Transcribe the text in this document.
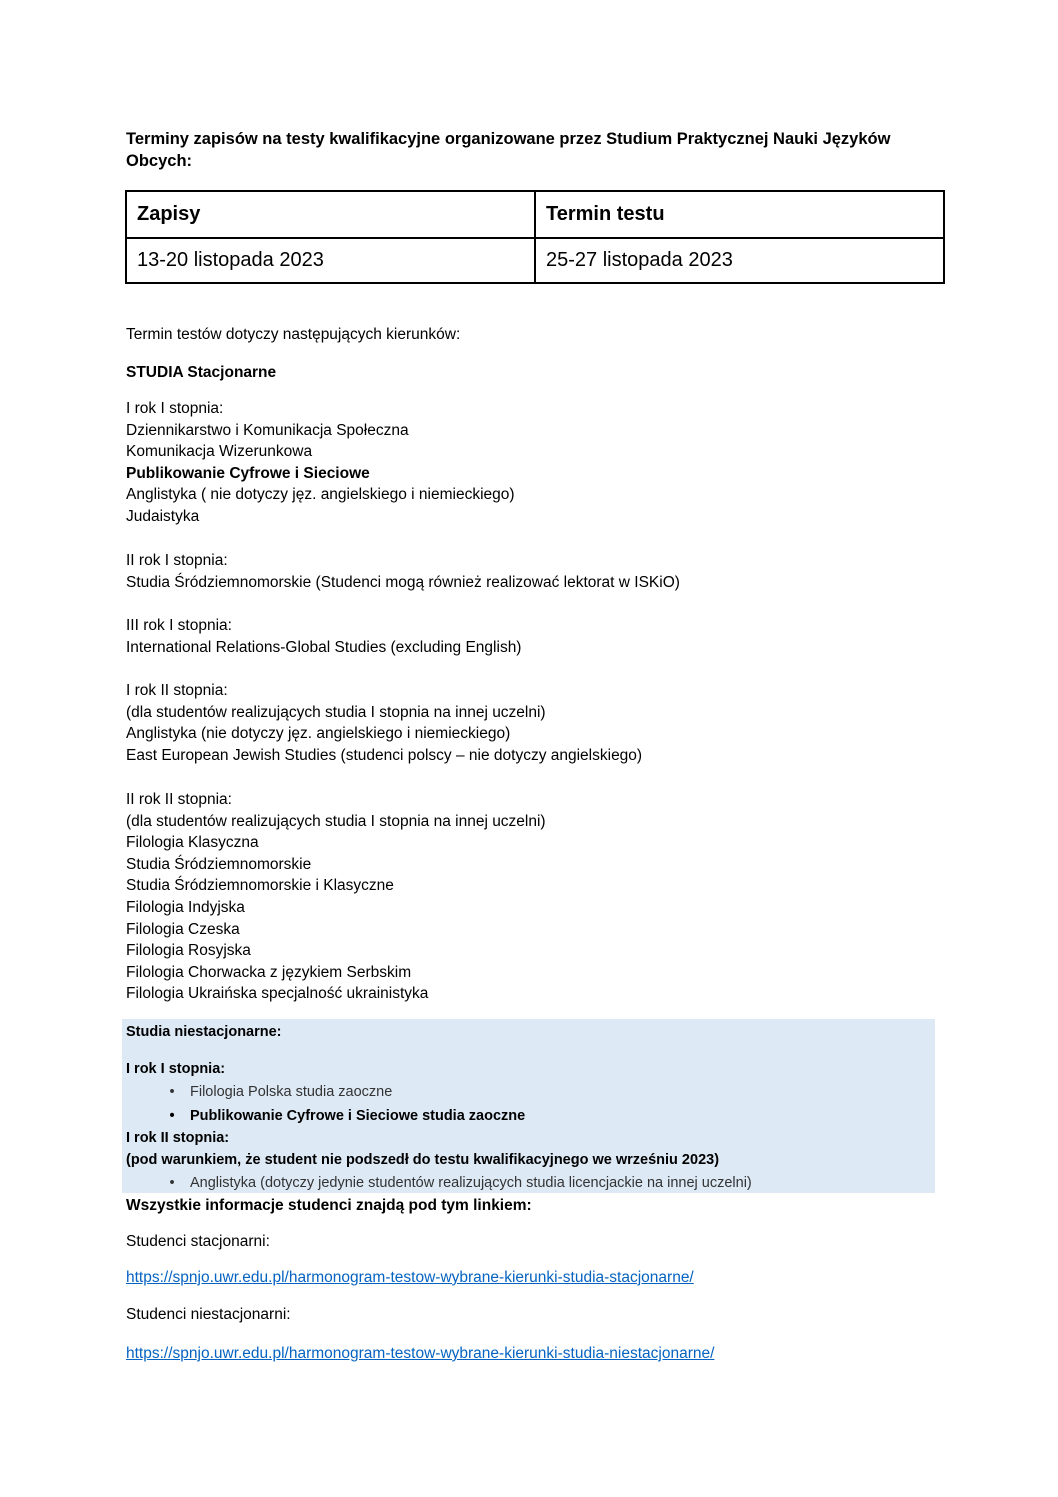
Terminy zapisów na testy kwalifikacyjne organizowane przez Studium Praktycznej Nauki Języków Obcych:
Zapisy	Termin testu
13-20 listopada 2023	25-27 listopada 2023
Termin testów dotyczy następujących kierunków:
STUDIA Stacjonarne
I rok I stopnia:
Dziennikarstwo i Komunikacja Społeczna
Komunikacja Wizerunkowa
Publikowanie Cyfrowe i Sieciowe
Anglistyka ( nie dotyczy jęz. angielskiego i niemieckiego)
Judaistyka
II rok I stopnia:
Studia Śródziemnomorskie (Studenci mogą również realizować lektorat w ISKiO)
III rok I stopnia:
International Relations-Global Studies (excluding English)
I rok II stopnia:
(dla studentów realizujących studia I stopnia na innej uczelni)
Anglistyka (nie dotyczy jęz. angielskiego i niemieckiego)
East European Jewish Studies (studenci polscy – nie dotyczy angielskiego)
II rok II stopnia:
(dla studentów realizujących studia I stopnia na innej uczelni)
Filologia Klasyczna
Studia Śródziemnomorskie
Studia Śródziemnomorskie i Klasyczne
Filologia Indyjska
Filologia Czeska
Filologia Rosyjska
Filologia Chorwacka z językiem Serbskim
Filologia Ukraińska specjalność ukrainistyka
Studia niestacjonarne:
I rok I stopnia:
•	Filologia Polska studia zaoczne
•	Publikowanie Cyfrowe i Sieciowe studia zaoczne
I rok II stopnia:
(pod warunkiem, że student nie podszedł do testu kwalifikacyjnego we wrześniu 2023)
•	Anglistyka (dotyczy jedynie studentów realizujących studia licencjackie na innej uczelni)
Wszystkie informacje studenci znajdą pod tym linkiem:
Studenci stacjonarni:
https://spnjo.uwr.edu.pl/harmonogram-testow-wybrane-kierunki-studia-stacjonarne/
Studenci niestacjonarni:
https://spnjo.uwr.edu.pl/harmonogram-testow-wybrane-kierunki-studia-niestacjonarne/
